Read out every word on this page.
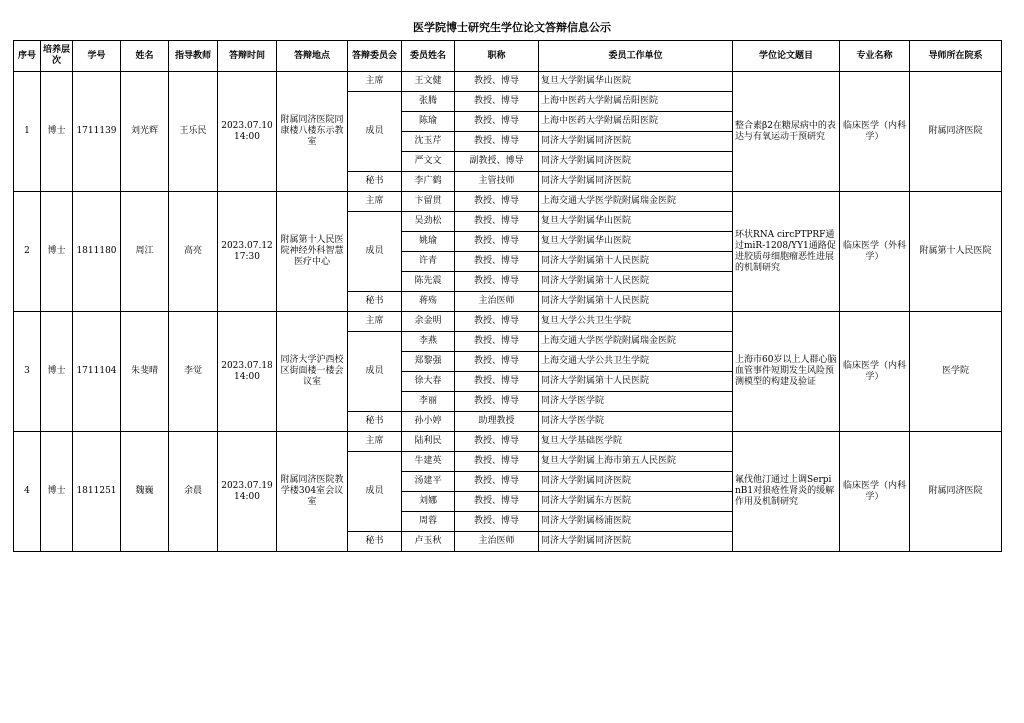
医学院博士研究生学位论文答辩信息公示
序号	培养层次	学号	姓名	指导教师	答辩时间	答辩地点	答辩委员会	委员姓名	职称	委员工作单位	学位论文题目	专业名称	导师所在院系
1	博士	1711139	刘光辉	王乐民	2023.07.10 14:00	附属同济医院同康楼八楼东示教室	主席	王文健	教授、博导	复旦大学附属华山医院	整合素β2在糖尿病中的表达与有氧运动干预研究	临床医学（内科学）	附属同济医院
							成员	张腾	教授、博导	上海中医药大学附属岳阳医院			
								陈瑜	教授、博导	上海中医药大学附属岳阳医院			
								沈玉芹	教授、博导	同济大学附属同济医院			
								严文文	副教授、博导	同济大学附属同济医院			
							秘书	李广鹤	主管技师	同济大学附属同济医院			
2	博士	1811180	周江	高亮	2023.07.12 17:30	附属第十人民医院神经外科智慧医疗中心	主席	卞留贯	教授、博导	上海交通大学医学院附属瑞金医院	环状RNA circPTPRF通过miR-1208/YY1通路促进胶质母细胞瘤恶性进展的机制研究	临床医学（外科学）	附属第十人民医院
							成员	吴劲松	教授、博导	复旦大学附属华山医院			
								姚瑜	教授、博导	复旦大学附属华山医院			
								许青	教授、博导	同济大学附属第十人民医院			
								陈先震	教授、博导	同济大学附属第十人民医院			
							秘书	蒋殇	主治医师	同济大学附属第十人民医院			
3	博士	1711104	朱斐晴	李觉	2023.07.18 14:00	同济大学沪西校区街面楼一楼会议室	主席	余金明	教授、博导	复旦大学公共卫生学院	上海市60岁以上人群心脑血管事件短期发生风险预测模型的构建及验证	临床医学（内科学）	医学院
							成员	李燕	教授、博导	上海交通大学医学院附属瑞金医院			
								郑黎强	教授、博导	上海交通大学公共卫生学院			
								徐大春	教授、博导	同济大学附属第十人民医院			
								李丽	教授、博导	同济大学医学院			
							秘书	孙小婷	助理教授	同济大学医学院			
4	博士	1811251	魏巍	余晨	2023.07.19 14:00	附属同济医院教学楼304室会议室	主席	陆利民	教授、博导	复旦大学基础医学院	氟伐他汀通过上调SerpinB1对狼疮性肾炎的缓解作用及机制研究	临床医学（内科学）	附属同济医院
							成员	牛建英	教授、博导	复旦大学附属上海市第五人民医院			
								汤建平	教授、博导	同济大学附属同济医院			
								刘娜	教授、博导	同济大学附属东方医院			
								周蓉	教授、博导	同济大学附属杨浦医院			
							秘书	卢玉秋	主治医师	同济大学附属同济医院			
